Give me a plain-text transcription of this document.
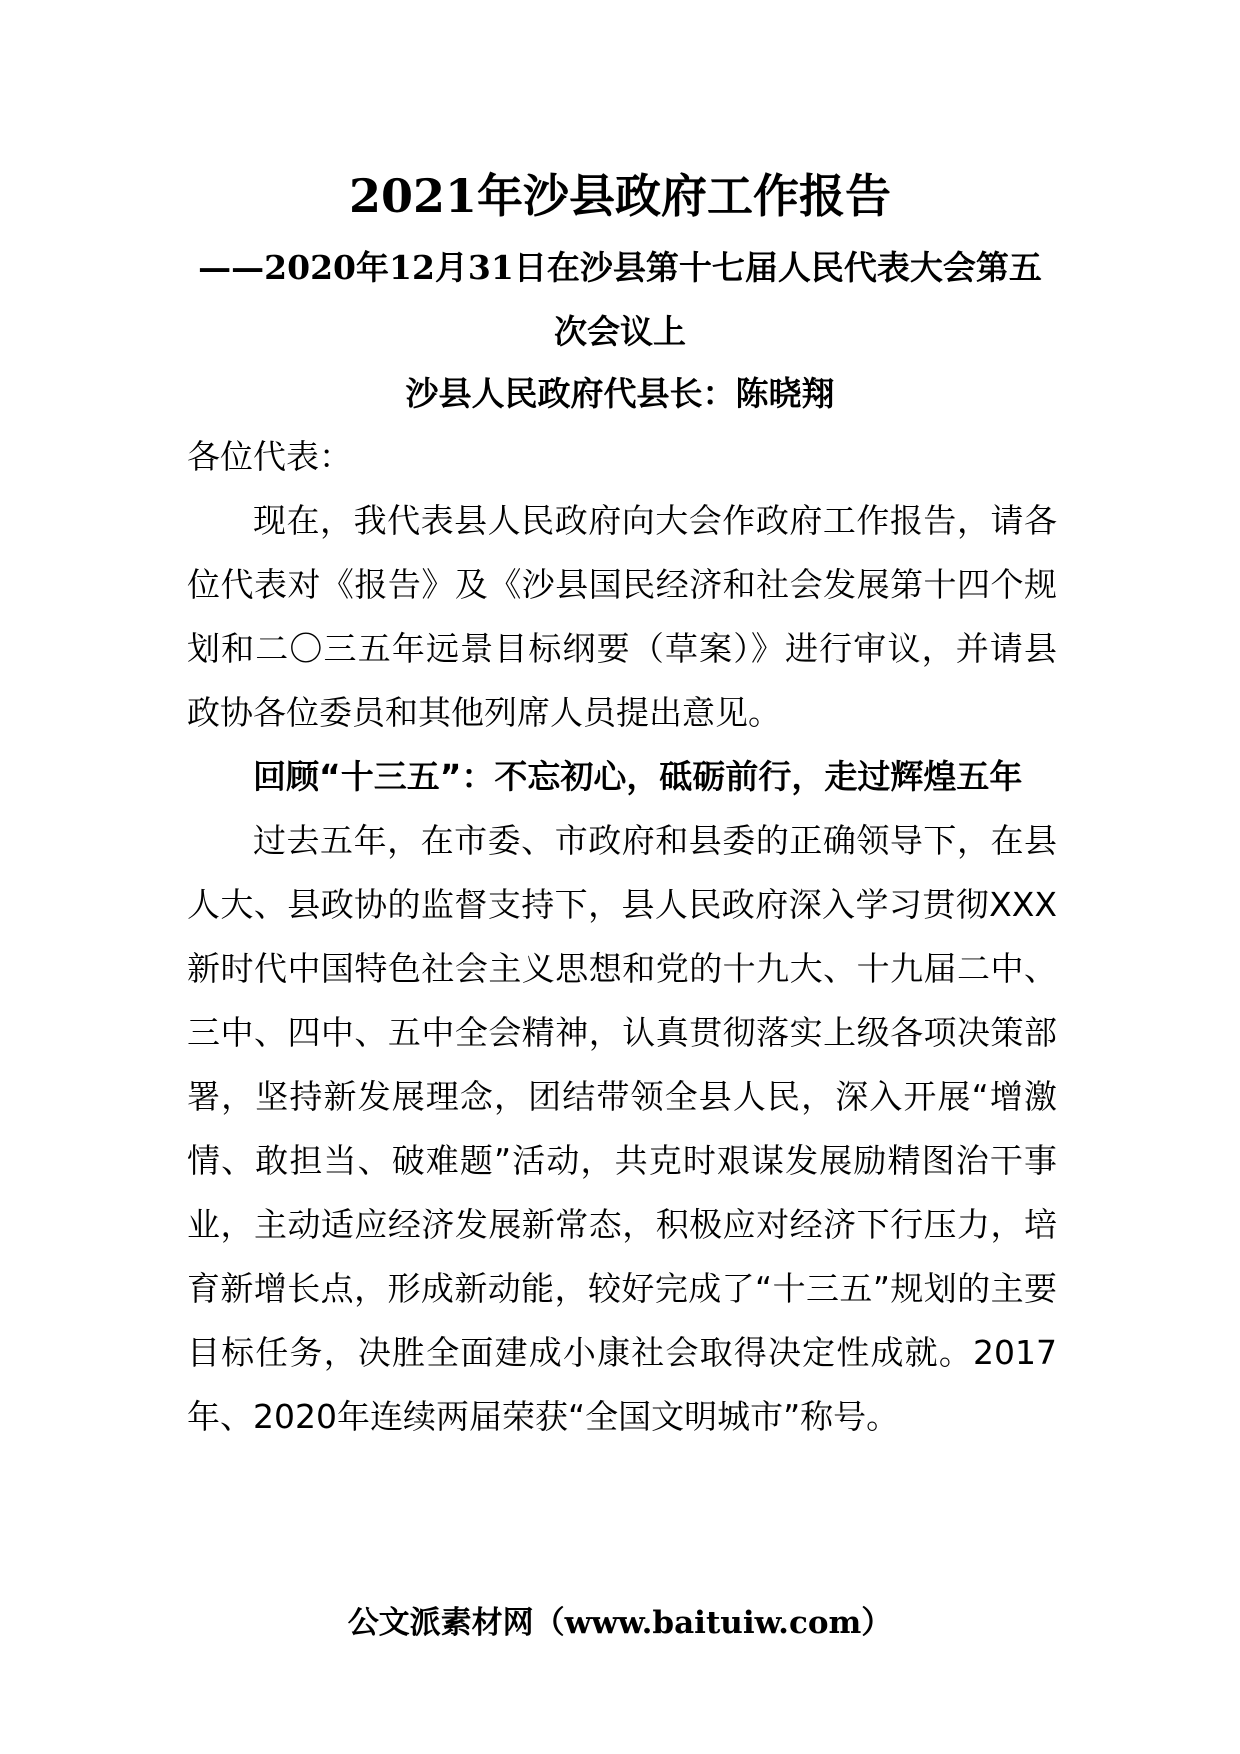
2021年沙县政府工作报告
——2020年12月31日在沙县第十七届人民代表大会第五次会议上
沙县人民政府代县长：陈晓翔

各位代表：

现在，我代表县人民政府向大会作政府工作报告，请各位代表对《报告》及《沙县国民经济和社会发展第十四个规划和二〇三五年远景目标纲要（草案）》进行审议，并请县政协各位委员和其他列席人员提出意见。

回顾“十三五”：不忘初心，砥砺前行，走过辉煌五年

过去五年，在市委、市政府和县委的正确领导下，在县人大、县政协的监督支持下，县人民政府深入学习贯彻XXX新时代中国特色社会主义思想和党的十九大、十九届二中、三中、四中、五中全会精神，认真贯彻落实上级各项决策部署，坚持新发展理念，团结带领全县人民，深入开展“增激情、敢担当、破难题”活动，共克时艰谋发展励精图治干事业，主动适应经济发展新常态，积极应对经济下行压力，培育新增长点，形成新动能，较好完成了“十三五”规划的主要目标任务，决胜全面建成小康社会取得决定性成就。2017年、2020年连续两届荣获“全国文明城市”称号。

公文派素材网（www.baituiw.com）
